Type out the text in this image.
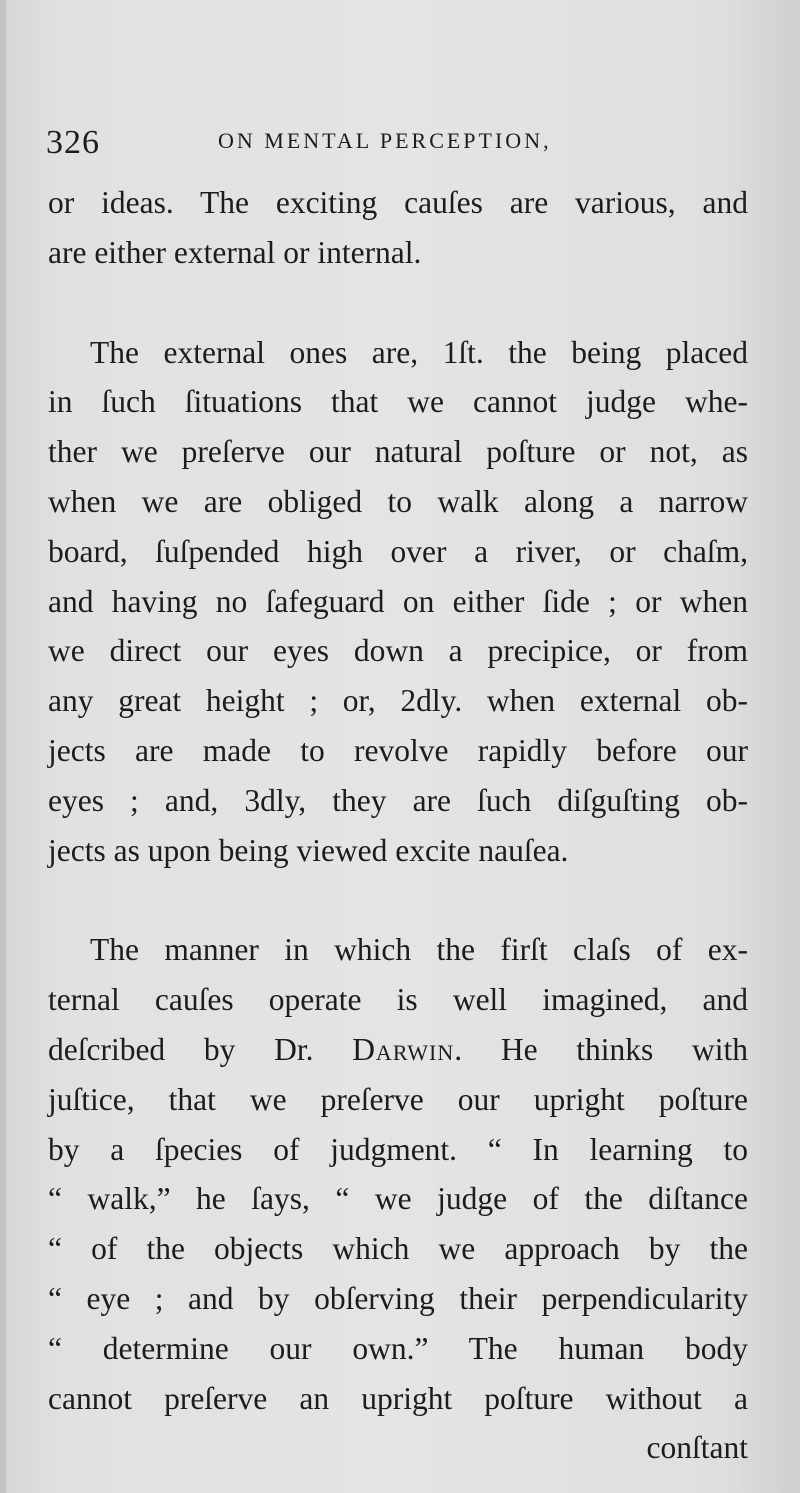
326	ON MENTAL PERCEPTION,
or ideas. The exciting cauſes are various, and
are either external or internal.
The external ones are, 1ſt. the being placed
in ſuch ſituations that we cannot judge whe-
ther we preſerve our natural poſture or not, as
when we are obliged to walk along a narrow
board, ſuſpended high over a river, or chaſm,
and having no ſafeguard on either ſide ; or when
we direct our eyes down a precipice, or from
any great height ; or, 2dly. when external ob-
jects are made to revolve rapidly before our
eyes ; and, 3dly, they are ſuch diſguſting ob-
jects as upon being viewed excite nauſea.
The manner in which the firſt claſs of ex-
ternal cauſes operate is well imagined, and
deſcribed by Dr. Darwin. He thinks with
juſtice, that we preſerve our upright poſture
by a ſpecies of judgment. “ In learning to
“ walk,” he ſays, “ we judge of the diſtance
“ of the objects which we approach by the
“ eye ; and by obſerving their perpendicularity
“ determine our own.” The human body
cannot preſerve an upright poſture without a
conſtant
